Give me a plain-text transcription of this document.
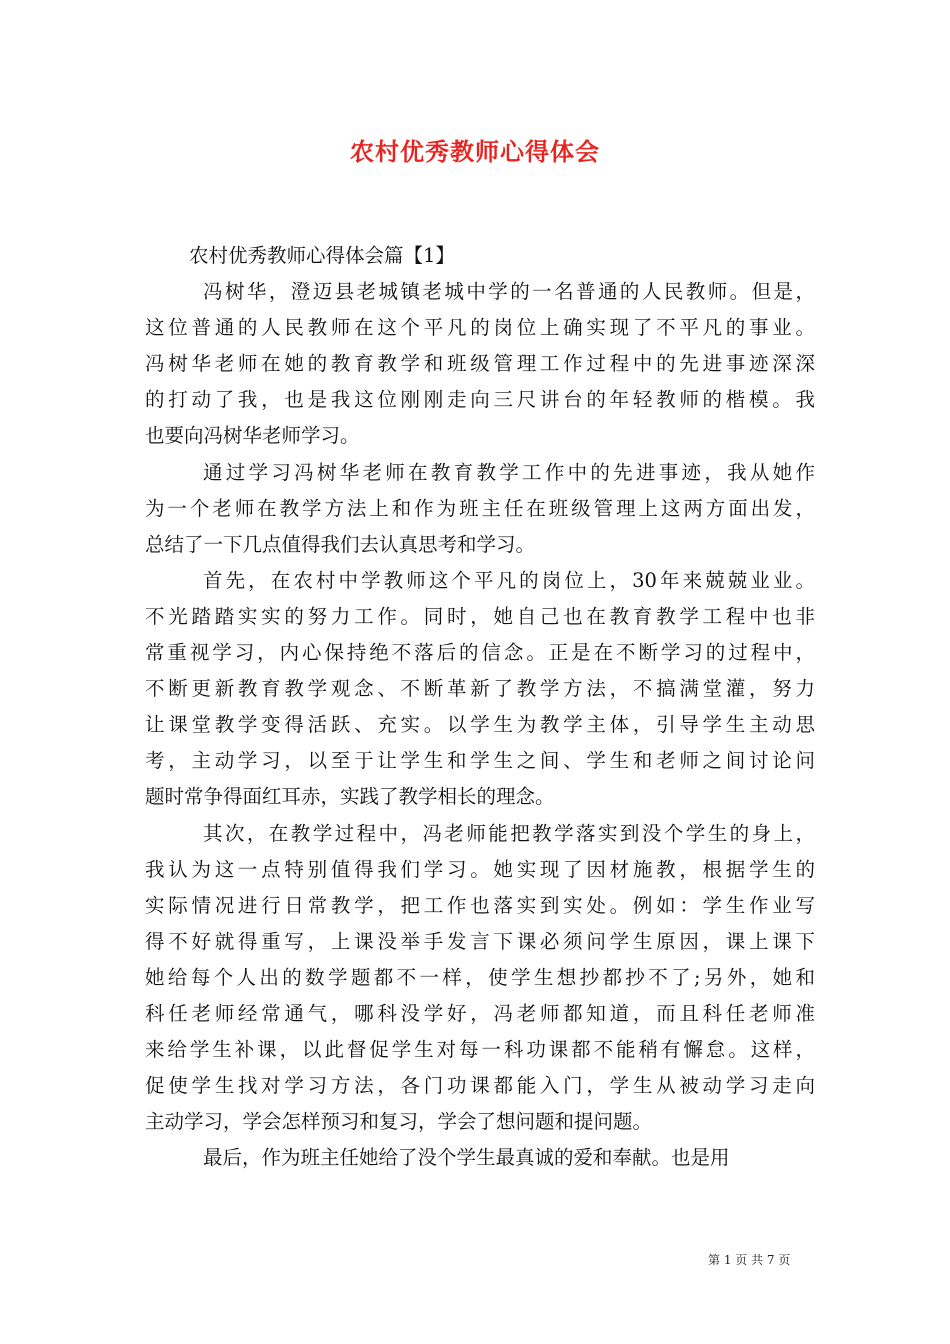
农村优秀教师心得体会
农村优秀教师心得体会篇【1】
冯树华，澄迈县老城镇老城中学的一名普通的人民教师。但是，
这位普通的人民教师在这个平凡的岗位上确实现了不平凡的事业。
冯树华老师在她的教育教学和班级管理工作过程中的先进事迹深深
的打动了我，也是我这位刚刚走向三尺讲台的年轻教师的楷模。我
也要向冯树华老师学习。
通过学习冯树华老师在教育教学工作中的先进事迹，我从她作
为一个老师在教学方法上和作为班主任在班级管理上这两方面出发，
总结了一下几点值得我们去认真思考和学习。
首先，在农村中学教师这个平凡的岗位上，30年来兢兢业业。
不光踏踏实实的努力工作。同时，她自己也在教育教学工程中也非
常重视学习，内心保持绝不落后的信念。正是在不断学习的过程中，
不断更新教育教学观念、不断革新了教学方法，不搞满堂灌，努力
让课堂教学变得活跃、充实。以学生为教学主体，引导学生主动思
考，主动学习，以至于让学生和学生之间、学生和老师之间讨论问
题时常争得面红耳赤，实践了教学相长的理念。
其次，在教学过程中，冯老师能把教学落实到没个学生的身上，
我认为这一点特别值得我们学习。她实现了因材施教，根据学生的
实际情况进行日常教学，把工作也落实到实处。例如：学生作业写
得不好就得重写，上课没举手发言下课必须问学生原因，课上课下
她给每个人出的数学题都不一样，使学生想抄都抄不了;另外，她和
科任老师经常通气，哪科没学好，冯老师都知道，而且科任老师准
来给学生补课，以此督促学生对每一科功课都不能稍有懈怠。这样，
促使学生找对学习方法，各门功课都能入门，学生从被动学习走向
主动学习，学会怎样预习和复习，学会了想问题和提问题。
最后，作为班主任她给了没个学生最真诚的爱和奉献。也是用
第 1 页 共 7 页
